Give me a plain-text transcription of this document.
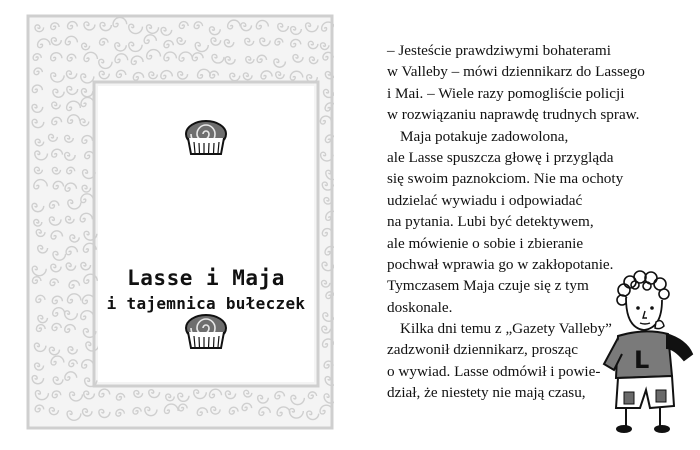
Lasse i Maja
i tajemnica bułeczek
– Jesteście prawdziwymi bohaterami
w Valleby – mówi dziennikarz do Lassego
i Mai. – Wiele razy pomogliście policji
w rozwiązaniu naprawdę trudnych spraw.
Maja potakuje zadowolona,
ale Lasse spuszcza głowę i przygląda
się swoim paznokciom. Nie ma ochoty
udzielać wywiadu i odpowiadać
na pytania. Lubi być detektywem,
ale mówienie o sobie i zbieranie
pochwał wprawia go w zakłopotanie.
Tymczasem Maja czuje się z tym
doskonale.
Kilka dni temu z „Gazety Valleby”
zadzwonił dziennikarz, prosząc
o wywiad. Lasse odmówił i powie-
dział, że niestety nie mają czasu,
L
